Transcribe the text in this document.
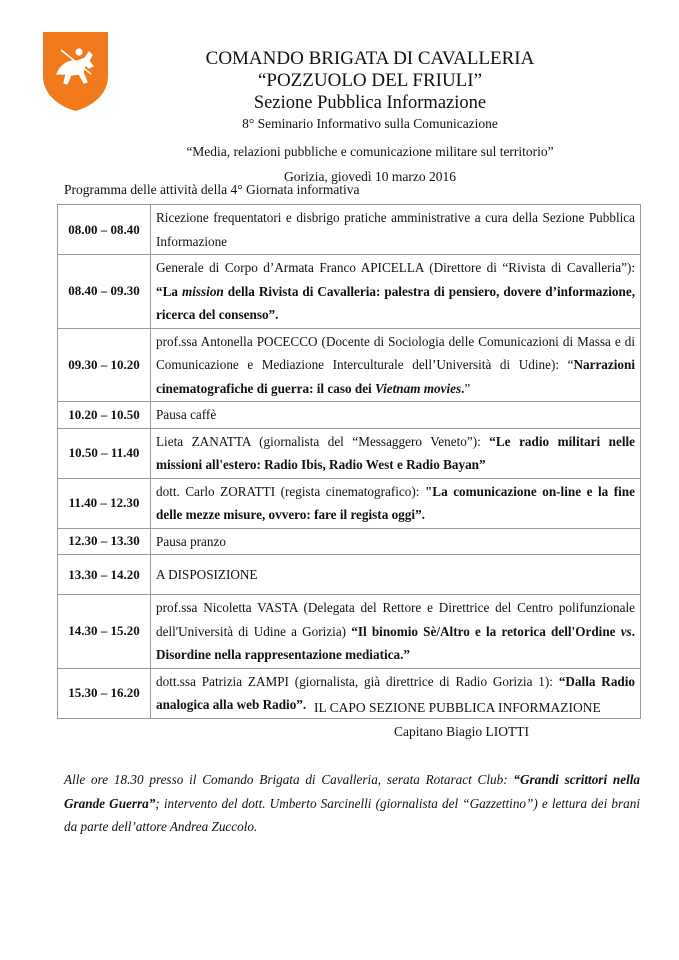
COMANDO BRIGATA DI CAVALLERIA
“POZZUOLO DEL FRIULI”
Sezione Pubblica Informazione
8° Seminario Informativo sulla Comunicazione
“Media, relazioni pubbliche e comunicazione militare sul territorio”
Gorizia, giovedì 10 marzo 2016
Programma delle attività della 4° Giornata informativa
08.00 – 08.40	Ricezione frequentatori e disbrigo pratiche amministrative a cura della Sezione Pubblica Informazione
08.40 – 09.30	Generale di Corpo d’Armata Franco APICELLA (Direttore di “Rivista di Cavalleria”): “La mission della Rivista di Cavalleria: palestra di pensiero, dovere d’informazione, ricerca del consenso”.
09.30 – 10.20	prof.ssa Antonella POCECCO (Docente di Sociologia delle Comunicazioni di Massa e di Comunicazione e Mediazione Interculturale dell’Università di Udine): “Narrazioni cinematografiche di guerra: il caso dei Vietnam movies.”
10.20 – 10.50	Pausa caffè
10.50 – 11.40	Lieta ZANATTA (giornalista del “Messaggero Veneto”): “Le radio militari nelle missioni all'estero: Radio Ibis, Radio West e Radio Bayan”
11.40 – 12.30	dott. Carlo ZORATTI (regista cinematografico): "La comunicazione on-line e la fine delle mezze misure, ovvero: fare il regista oggi”.
12.30 – 13.30	Pausa pranzo
13.30 – 14.20	A DISPOSIZIONE
14.30 – 15.20	prof.ssa Nicoletta VASTA (Delegata del Rettore e Direttrice del Centro polifunzionale dell'Università di Udine a Gorizia) “Il binomio Sè/Altro e la retorica dell'Ordine vs. Disordine nella rappresentazione mediatica.”
15.30 – 16.20	dott.ssa Patrizia ZAMPI (giornalista, già direttrice di Radio Gorizia 1): “Dalla Radio analogica alla web Radio”. IL CAPO SEZIONE PUBBLICA INFORMAZIONE
Capitano Biagio LIOTTI
Alle ore 18.30 presso il Comando Brigata di Cavalleria, serata Rotaract Club: “Grandi scrittori nella Grande Guerra”; intervento del dott. Umberto Sarcinelli (giornalista del “Gazzettino”) e lettura dei brani da parte dell’attore Andrea Zuccolo.
